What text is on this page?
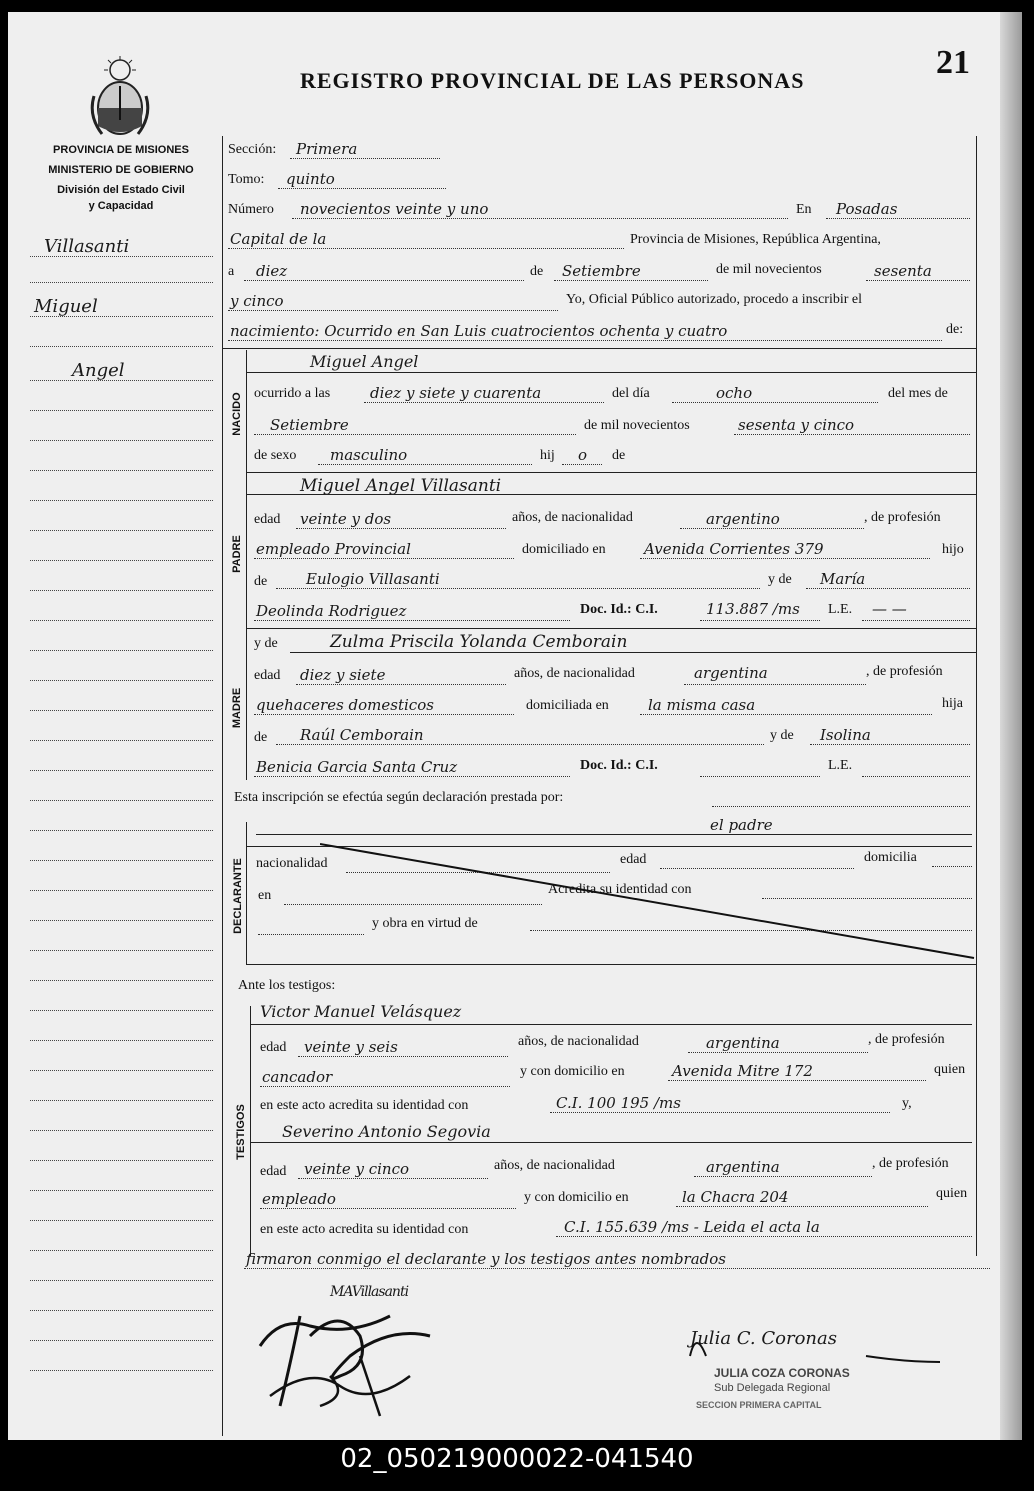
REGISTRO PROVINCIAL DE LAS PERSONAS	21
PROVINCIA DE MISIONES
MINISTERIO DE GOBIERNO
División del Estado Civil
y Capacidad
Villasanti
Miguel
Angel
Sección: Primera
Tomo: quinto
Número novecientos veinte y uno	En Posadas
Capital de la	Provincia de Misiones, República Argentina,
a diez	de Setiembre	de mil novecientos	sesenta
y cinco	Yo, Oficial Público autorizado, procedo a inscribir el
nacimiento: Ocurrido en San Luis cuatrocientos ochenta y cuatro	de:
NACIDO
Miguel Angel
ocurrido a las	diez y siete y cuarenta	del día	ocho	del mes de
Setiembre	de mil novecientos	sesenta y cinco
de sexo masculino	hij o de
PADRE
Miguel Angel Villasanti
edad veinte y dos	años, de nacionalidad	argentino	, de profesión
empleado Provincial	domiciliado en	Avenida Corrientes 379	hijo
de	Eulogio Villasanti	y de María
Deolinda Rodriguez	Doc. Id.: C.I.	113.887 /ms L.E. — —
MADRE
y de	Zulma Priscila Yolanda Cemborain
edad diez y siete	años, de nacionalidad	argentina	, de profesión
quehaceres domesticos	domiciliada en	la misma casa	hija
de Raúl Cemborain	y de Isolina
Benicia Garcia Santa Cruz	Doc. Id.: C.I.	L.E.
Esta inscripción se efectúa según declaración prestada por:
DECLARANTE
el padre
nacionalidad	edad	domicilia
en	Acredita su identidad con
y obra en virtud de
Ante los testigos:
TESTIGOS
Victor Manuel Velásquez
edad veinte y seis	años, de nacionalidad	argentina	, de profesión
cancador	y con domicilio en	Avenida Mitre 172	quien
en este acto acredita su identidad con	C.I. 100 195 /ms	y,
Severino Antonio Segovia
edad veinte y cinco	años, de nacionalidad	argentina	, de profesión
empleado	y con domicilio en	la Chacra 204	quien
en este acto acredita su identidad con	C.I. 155.639 /ms - Leida el acta la
firmaron conmigo el declarante y los testigos antes nombrados
MAVillasanti
Julia C. Coronas
JULIA COZA CORONAS
Sub Delegada Regional
SECCION PRIMERA CAPITAL
02_050219000022-041540
